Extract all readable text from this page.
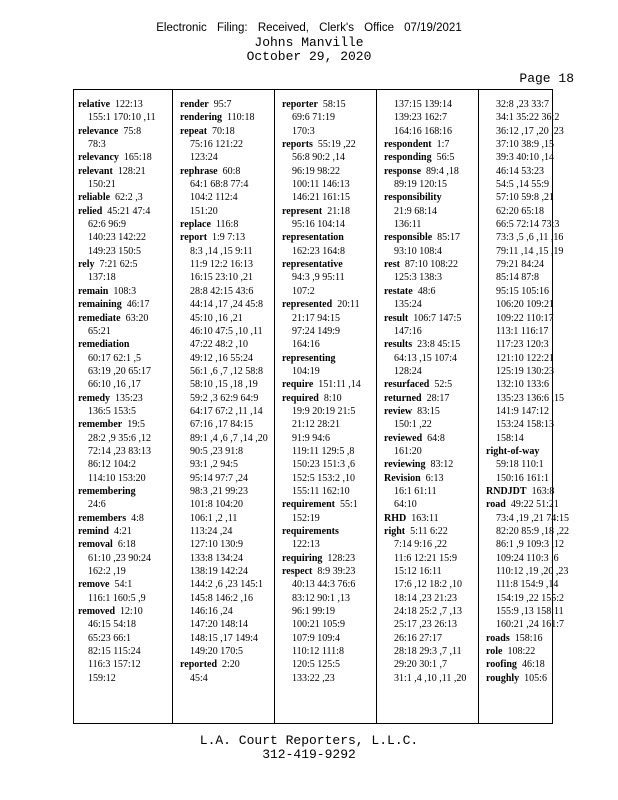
Electronic Filing: Received, Clerk's Office 07/19/2021
Johns Manville
October 29, 2020
Page 18
relative 122:13
155:1 170:10 ,11
relevance 75:8
78:3
relevancy 165:18
relevant 128:21
150:21
reliable 62:2 ,3
relied 45:21 47:4
62:6 96:9
140:23 142:22
149:23 150:5
rely 7:21 62:5
137:18
remain 108:3
remaining 46:17
remediate 63:20
65:21
remediation
60:17 62:1 ,5
63:19 ,20 65:17
66:10 ,16 ,17
remedy 135:23
136:5 153:5
remember 19:5
28:2 ,9 35:6 ,12
72:14 ,23 83:13
86:12 104:2
114:10 153:20
remembering
24:6
remembers 4:8
remind 4:21
removal 6:18
61:10 ,23 90:24
162:2 ,19
remove 54:1
116:1 160:5 ,9
removed 12:10
46:15 54:18
65:23 66:1
82:15 115:24
116:3 157:12
159:12
render 95:7
rendering 110:18
repeat 70:18
75:16 121:22
123:24
rephrase 60:8
64:1 68:8 77:4
104:2 112:4
151:20
replace 116:8
report 1:9 7:13
8:3 ,14 ,15 9:11
11:9 12:2 16:13
16:15 23:10 ,21
28:8 42:15 43:6
44:14 ,17 ,24 45:8
45:10 ,16 ,21
46:10 47:5 ,10 ,11
47:22 48:2 ,10
49:12 ,16 55:24
56:1 ,6 ,7 ,12 58:8
58:10 ,15 ,18 ,19
59:2 ,3 62:9 64:9
64:17 67:2 ,11 ,14
67:16 ,17 84:15
89:1 ,4 ,6 ,7 ,14 ,20
90:5 ,23 91:8
93:1 ,2 94:5
95:14 97:7 ,24
98:3 ,21 99:23
101:8 104:20
106:1 ,2 ,11
113:24 ,24
127:10 130:9
133:8 134:24
138:19 142:24
144:2 ,6 ,23 145:1
145:8 146:2 ,16
146:16 ,24
147:20 148:14
148:15 ,17 149:4
149:20 170:5
reported 2:20
45:4
reporter 58:15
69:6 71:19
170:3
reports 55:19 ,22
56:8 90:2 ,14
96:19 98:22
100:11 146:13
146:21 161:15
represent 21:18
95:16 104:14
representation
162:23 164:8
representative
94:3 ,9 95:11
107:2
represented 20:11
21:17 94:15
97:24 149:9
164:16
representing
104:19
require 151:11 ,14
required 8:10
19:9 20:19 21:5
21:12 28:21
91:9 94:6
119:11 129:5 ,8
150:23 151:3 ,6
152:5 153:2 ,10
155:11 162:10
requirement 55:1
152:19
requirements
122:13
requiring 128:23
respect 8:9 39:23
40:13 44:3 76:6
83:12 90:1 ,13
96:1 99:19
100:21 105:9
107:9 109:4
110:12 111:8
120:5 125:5
133:22 ,23
137:15 139:14
139:23 162:7
164:16 168:16
respondent 1:7
responding 56:5
response 89:4 ,18
89:19 120:15
responsibility
21:9 68:14
136:11
responsible 85:17
93:10 108:4
rest 87:10 108:22
125:3 138:3
restate 48:6
135:24
result 106:7 147:5
147:16
results 23:8 45:15
64:13 ,15 107:4
128:24
resurfaced 52:5
returned 28:17
review 83:15
150:1 ,22
reviewed 64:8
161:20
reviewing 83:12
Revision 6:13
16:1 61:11
64:10
RHD 163:11
right 5:11 6:22
7:14 9:16 ,22
11:6 12:21 15:9
15:12 16:11
17:6 ,12 18:2 ,10
18:14 ,23 21:23
24:18 25:2 ,7 ,13
25:17 ,23 26:13
26:16 27:17
28:18 29:3 ,7 ,11
29:20 30:1 ,7
31:1 ,4 ,10 ,11 ,20
32:8 ,23 33:7
34:1 35:22 36:2
36:12 ,17 ,20 ,23
37:10 38:9 ,15
39:3 40:10 ,14
46:14 53:23
54:5 ,14 55:9
57:10 59:8 ,21
62:20 65:18
66:5 72:14 73:3
73:3 ,5 ,6 ,11 ,16
79:11 ,14 ,15 ,19
79:21 84:24
85:14 87:8
95:15 105:16
106:20 109:21
109:22 110:17
113:1 116:17
117:23 120:3
121:10 122:21
125:19 130:23
132:10 133:6
135:23 136:6 ,15
141:9 147:12
153:24 158:13
158:14
right-of-way
59:18 110:1
150:16 161:1
RNDJDT 163:8
road 49:22 51:21
73:4 ,19 ,21 74:15
82:20 85:9 ,18 ,22
86:1 ,9 109:3 ,12
109:24 110:3 ,6
110:12 ,19 ,20 ,23
111:8 154:9 ,14
154:19 ,22 155:2
155:9 ,13 158:11
160:21 ,24 161:7
roads 158:16
role 108:22
roofing 46:18
roughly 105:6
L.A. Court Reporters, L.L.C.
312-419-9292
